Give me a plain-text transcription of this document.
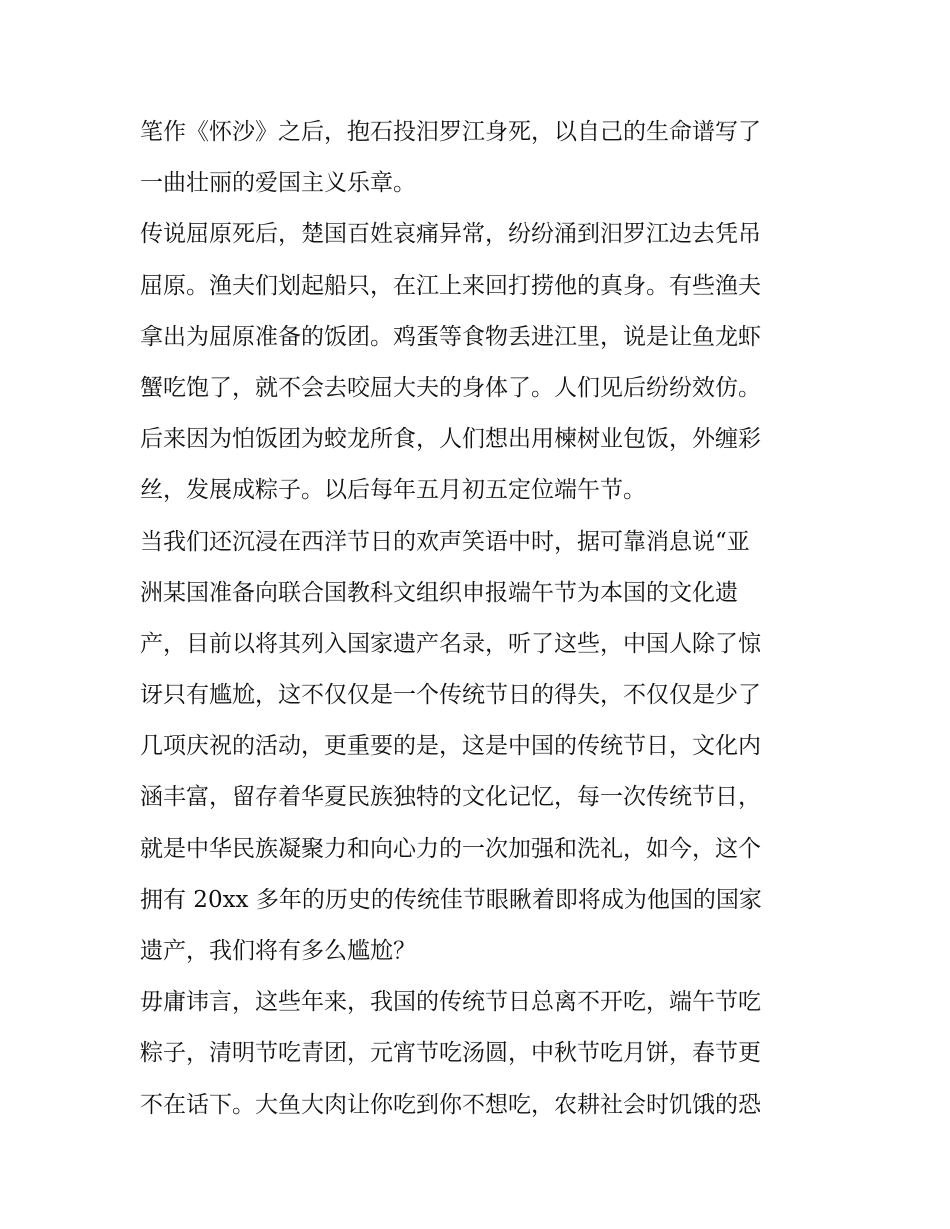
笔作《怀沙》之后，抱石投汨罗江身死，以自己的生命谱写了
一曲壮丽的爱国主义乐章。
传说屈原死后，楚国百姓哀痛异常，纷纷涌到汨罗江边去凭吊
屈原。渔夫们划起船只，在江上来回打捞他的真身。有些渔夫
拿出为屈原准备的饭团。鸡蛋等食物丢进江里，说是让鱼龙虾
蟹吃饱了，就不会去咬屈大夫的身体了。人们见后纷纷效仿。
后来因为怕饭团为蛟龙所食，人们想出用楝树业包饭，外缠彩
丝，发展成粽子。以后每年五月初五定位端午节。
当我们还沉浸在西洋节日的欢声笑语中时，据可靠消息说“亚
洲某国准备向联合国教科文组织申报端午节为本国的文化遗
产，目前以将其列入国家遗产名录，听了这些，中国人除了惊
讶只有尴尬，这不仅仅是一个传统节日的得失，不仅仅是少了
几项庆祝的活动，更重要的是，这是中国的传统节日，文化内
涵丰富，留存着华夏民族独特的文化记忆，每一次传统节日，
就是中华民族凝聚力和向心力的一次加强和洗礼，如今，这个
拥有 20xx 多年的历史的传统佳节眼瞅着即将成为他国的国家
遗产，我们将有多么尴尬？
毋庸讳言，这些年来，我国的传统节日总离不开吃，端午节吃
粽子，清明节吃青团，元宵节吃汤圆，中秋节吃月饼，春节更
不在话下。大鱼大肉让你吃到你不想吃，农耕社会时饥饿的恐
